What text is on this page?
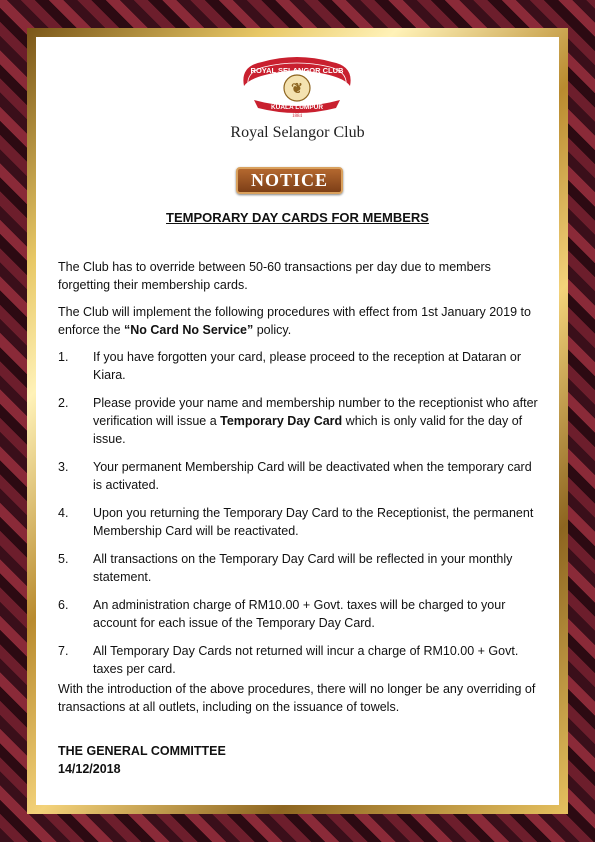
ROYAL SELANGOR CLUB
❦
KUALA LUMPUR
1884
Royal Selangor Club
NOTICE
TEMPORARY DAY CARDS FOR MEMBERS
The Club has to override between 50-60 transactions per day due to members forgetting their membership cards.
The Club will implement the following procedures with effect from 1st January 2019 to enforce the “No Card No Service” policy.
1. If you have forgotten your card, please proceed to the reception at Dataran or Kiara.
2. Please provide your name and membership number to the receptionist who after verification will issue a Temporary Day Card which is only valid for the day of issue.
3. Your permanent Membership Card will be deactivated when the temporary card is activated.
4. Upon you returning the Temporary Day Card to the Receptionist, the permanent Membership Card will be reactivated.
5. All transactions on the Temporary Day Card will be reflected in your monthly statement.
6. An administration charge of RM10.00 + Govt. taxes will be charged to your account for each issue of the Temporary Day Card.
7. All Temporary Day Cards not returned will incur a charge of RM10.00 + Govt. taxes per card.
With the introduction of the above procedures, there will no longer be any overriding of transactions at all outlets, including on the issuance of towels.
THE GENERAL COMMITTEE
14/12/2018
